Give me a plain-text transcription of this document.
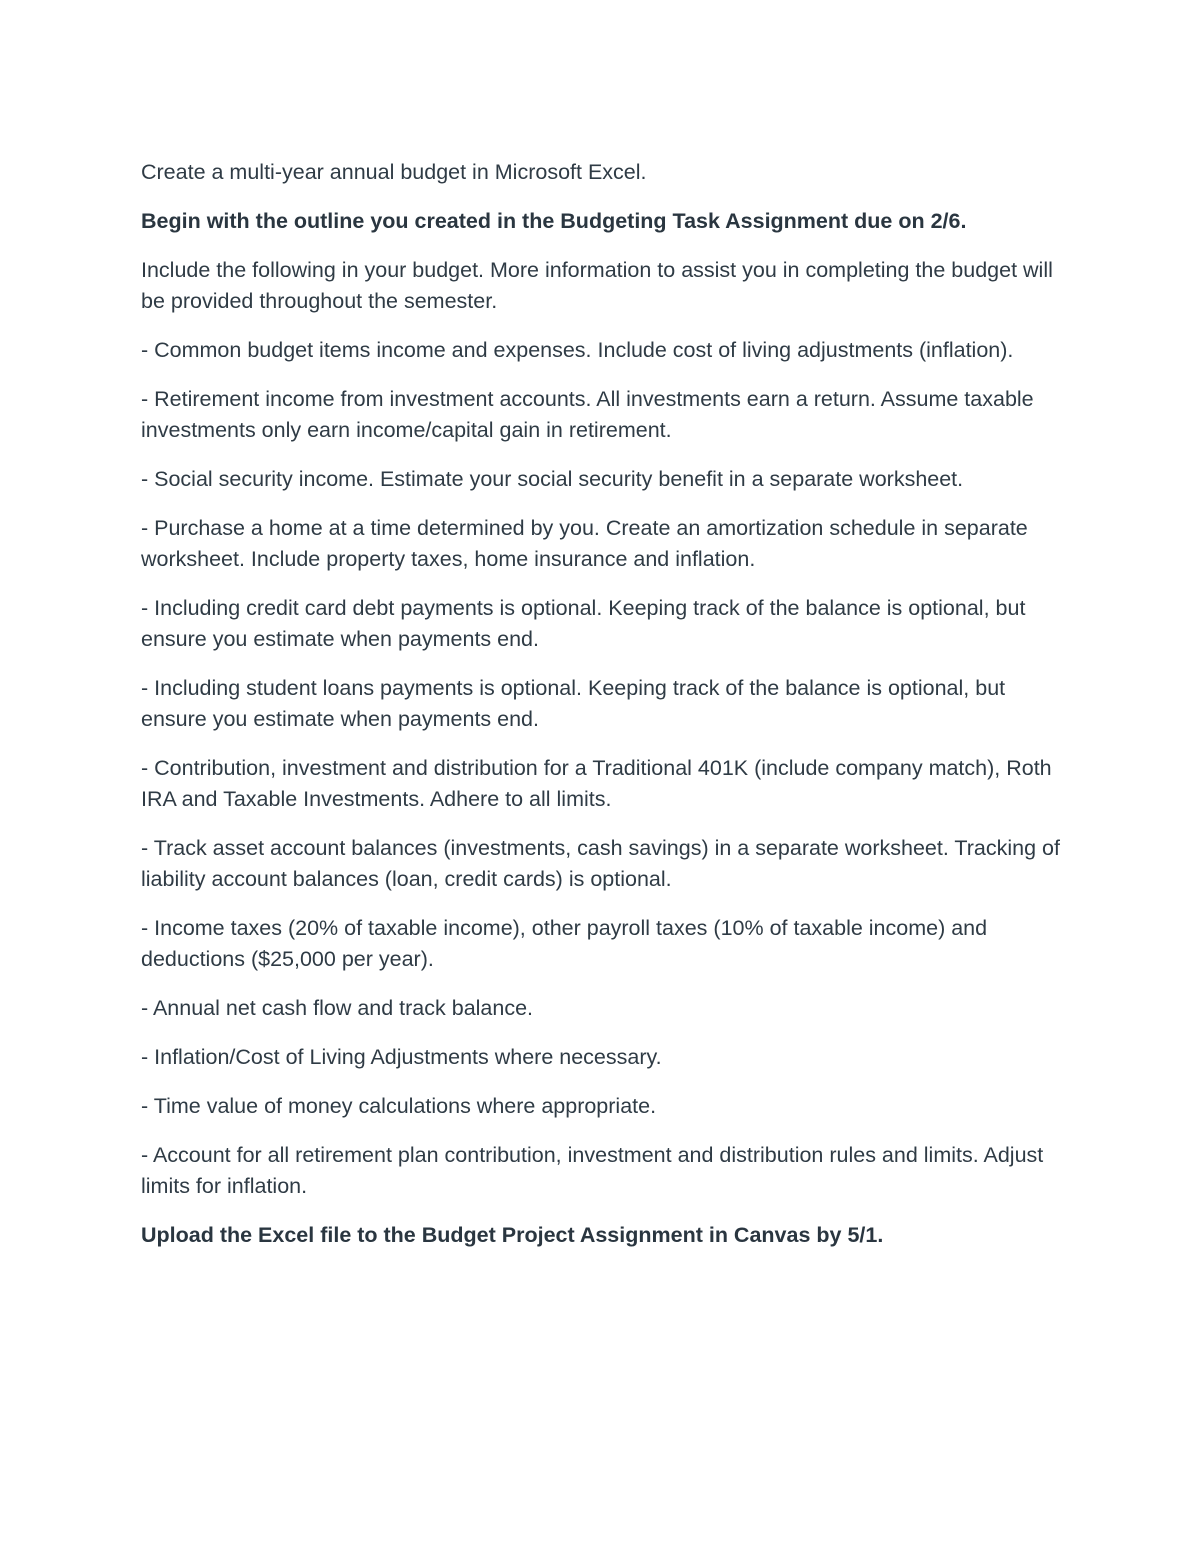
Create a multi-year annual budget in Microsoft Excel.

Begin with the outline you created in the Budgeting Task Assignment due on 2/6.

Include the following in your budget. More information to assist you in completing the budget will be provided throughout the semester.

- Common budget items income and expenses. Include cost of living adjustments (inflation).

- Retirement income from investment accounts. All investments earn a return. Assume taxable investments only earn income/capital gain in retirement.

- Social security income. Estimate your social security benefit in a separate worksheet.

- Purchase a home at a time determined by you. Create an amortization schedule in separate worksheet. Include property taxes, home insurance and inflation.

- Including credit card debt payments is optional. Keeping track of the balance is optional, but ensure you estimate when payments end.

- Including student loans payments is optional. Keeping track of the balance is optional, but ensure you estimate when payments end.

- Contribution, investment and distribution for a Traditional 401K (include company match), Roth IRA and Taxable Investments. Adhere to all limits.

- Track asset account balances (investments, cash savings) in a separate worksheet. Tracking of liability account balances (loan, credit cards) is optional.

- Income taxes (20% of taxable income), other payroll taxes (10% of taxable income) and deductions ($25,000 per year).

- Annual net cash flow and track balance.

- Inflation/Cost of Living Adjustments where necessary.

- Time value of money calculations where appropriate.

- Account for all retirement plan contribution, investment and distribution rules and limits. Adjust limits for inflation.

Upload the Excel file to the Budget Project Assignment in Canvas by 5/1.
